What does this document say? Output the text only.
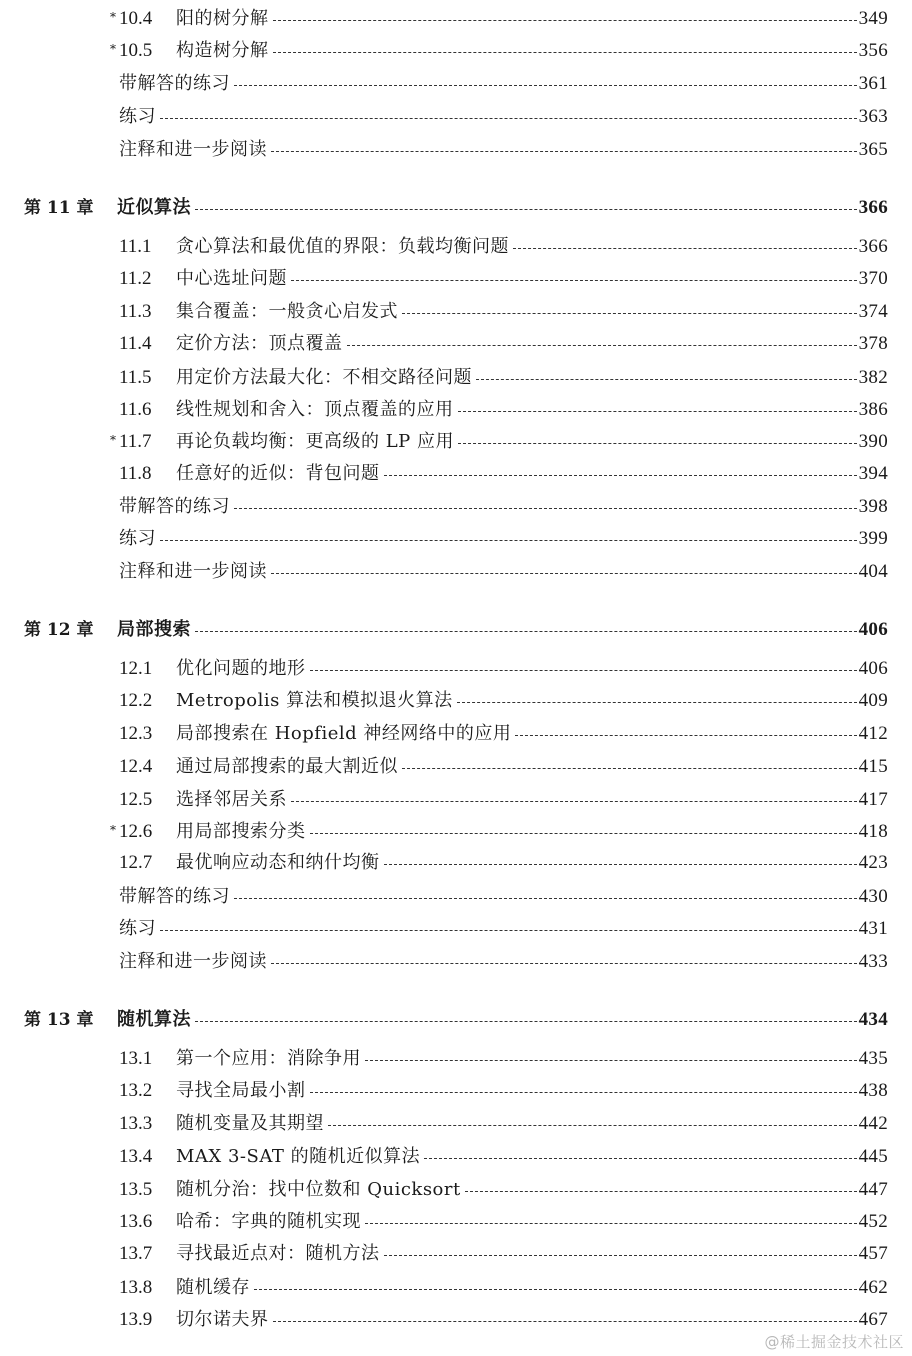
* 10.4	阳的树分解	349
* 10.5	构造树分解	356
带解答的练习	361
练习	363
注释和进一步阅读	365
第 11 章	近似算法	366
11.1	贪心算法和最优值的界限：负载均衡问题	366
11.2	中心选址问题	370
11.3	集合覆盖：一般贪心启发式	374
11.4	定价方法：顶点覆盖	378
11.5	用定价方法最大化：不相交路径问题	382
11.6	线性规划和舍入：顶点覆盖的应用	386
* 11.7	再论负载均衡：更高级的 LP 应用	390
11.8	任意好的近似：背包问题	394
带解答的练习	398
练习	399
注释和进一步阅读	404
第 12 章	局部搜索	406
12.1	优化问题的地形	406
12.2	Metropolis 算法和模拟退火算法	409
12.3	局部搜索在 Hopfield 神经网络中的应用	412
12.4	通过局部搜索的最大割近似	415
12.5	选择邻居关系	417
* 12.6	用局部搜索分类	418
12.7	最优响应动态和纳什均衡	423
带解答的练习	430
练习	431
注释和进一步阅读	433
第 13 章	随机算法	434
13.1	第一个应用：消除争用	435
13.2	寻找全局最小割	438
13.3	随机变量及其期望	442
13.4	MAX 3-SAT 的随机近似算法	445
13.5	随机分治：找中位数和 Quicksort	447
13.6	哈希：字典的随机实现	452
13.7	寻找最近点对：随机方法	457
13.8	随机缓存	462
13.9	切尔诺夫界	467
@稀土掘金技术社区
